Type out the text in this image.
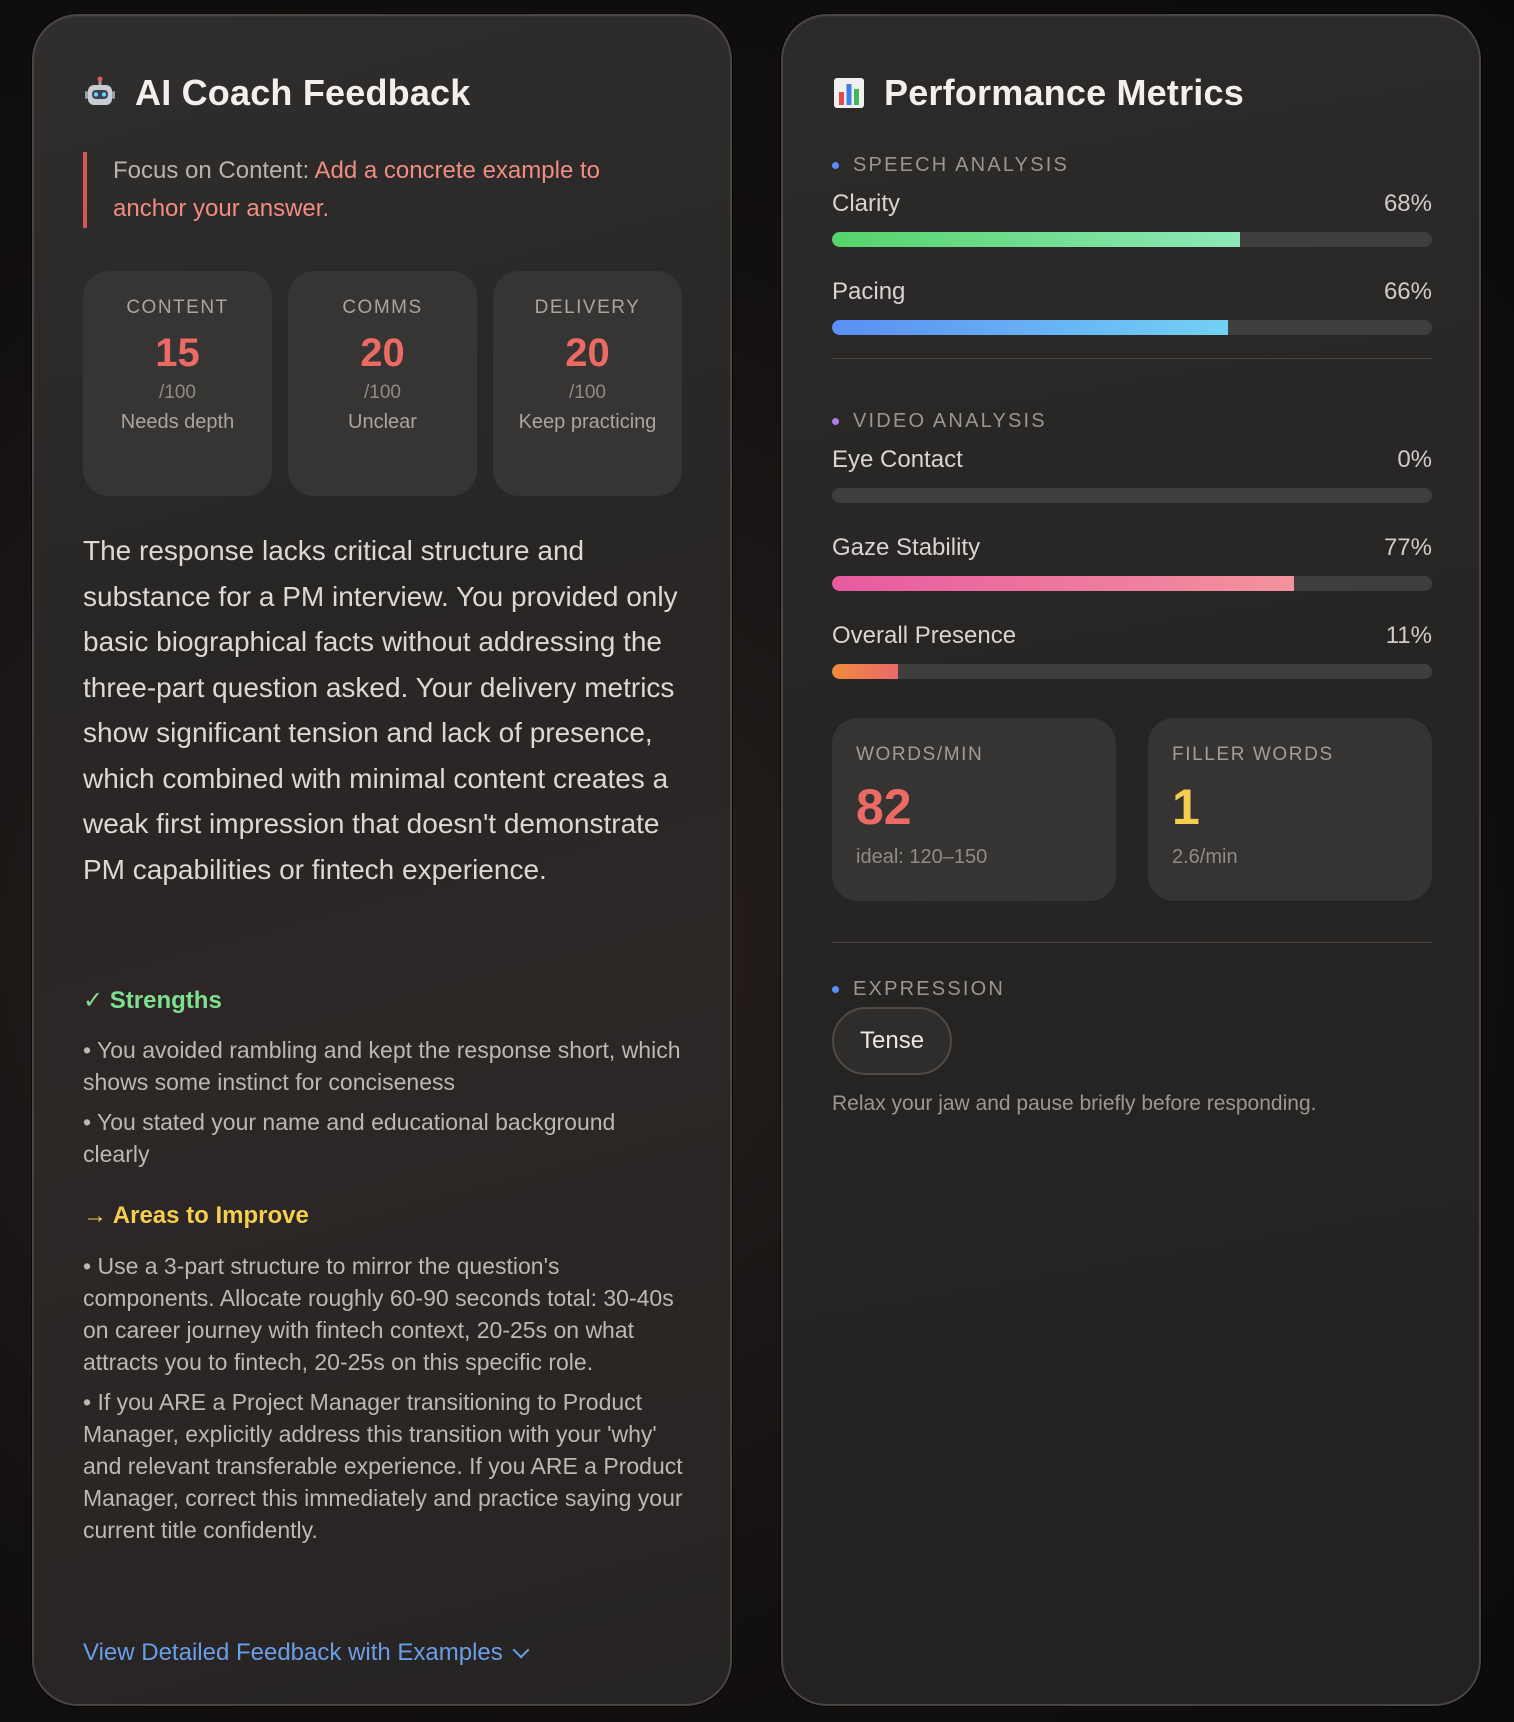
AI Coach Feedback
Focus on Content: Add a concrete example to anchor your answer.
CONTENT
15
/100
Needs depth
COMMS
20
/100
Unclear
DELIVERY
20
/100
Keep practicing

The response lacks critical structure and substance for a PM interview. You provided only basic biographical facts without addressing the three-part question asked. Your delivery metrics show significant tension and lack of presence, which combined with minimal content creates a weak first impression that doesn't demonstrate PM capabilities or fintech experience.

✓ Strengths
• You avoided rambling and kept the response short, which shows some instinct for conciseness
• You stated your name and educational background clearly
→ Areas to Improve
• Use a 3-part structure to mirror the question's components. Allocate roughly 60-90 seconds total: 30-40s on career journey with fintech context, 20-25s on what attracts you to fintech, 20-25s on this specific role.
• If you ARE a Project Manager transitioning to Product Manager, explicitly address this transition with your 'why' and relevant transferable experience. If you ARE a Product Manager, correct this immediately and practice saying your current title confidently.
View Detailed Feedback with Examples
Performance Metrics
SPEECH ANALYSIS
Clarity	68%
Pacing	66%
VIDEO ANALYSIS
Eye Contact	0%
Gaze Stability	77%
Overall Presence	11%
WORDS/MIN
82
ideal: 120–150
FILLER WORDS
1
2.6/min
EXPRESSION
Tense
Relax your jaw and pause briefly before responding.
